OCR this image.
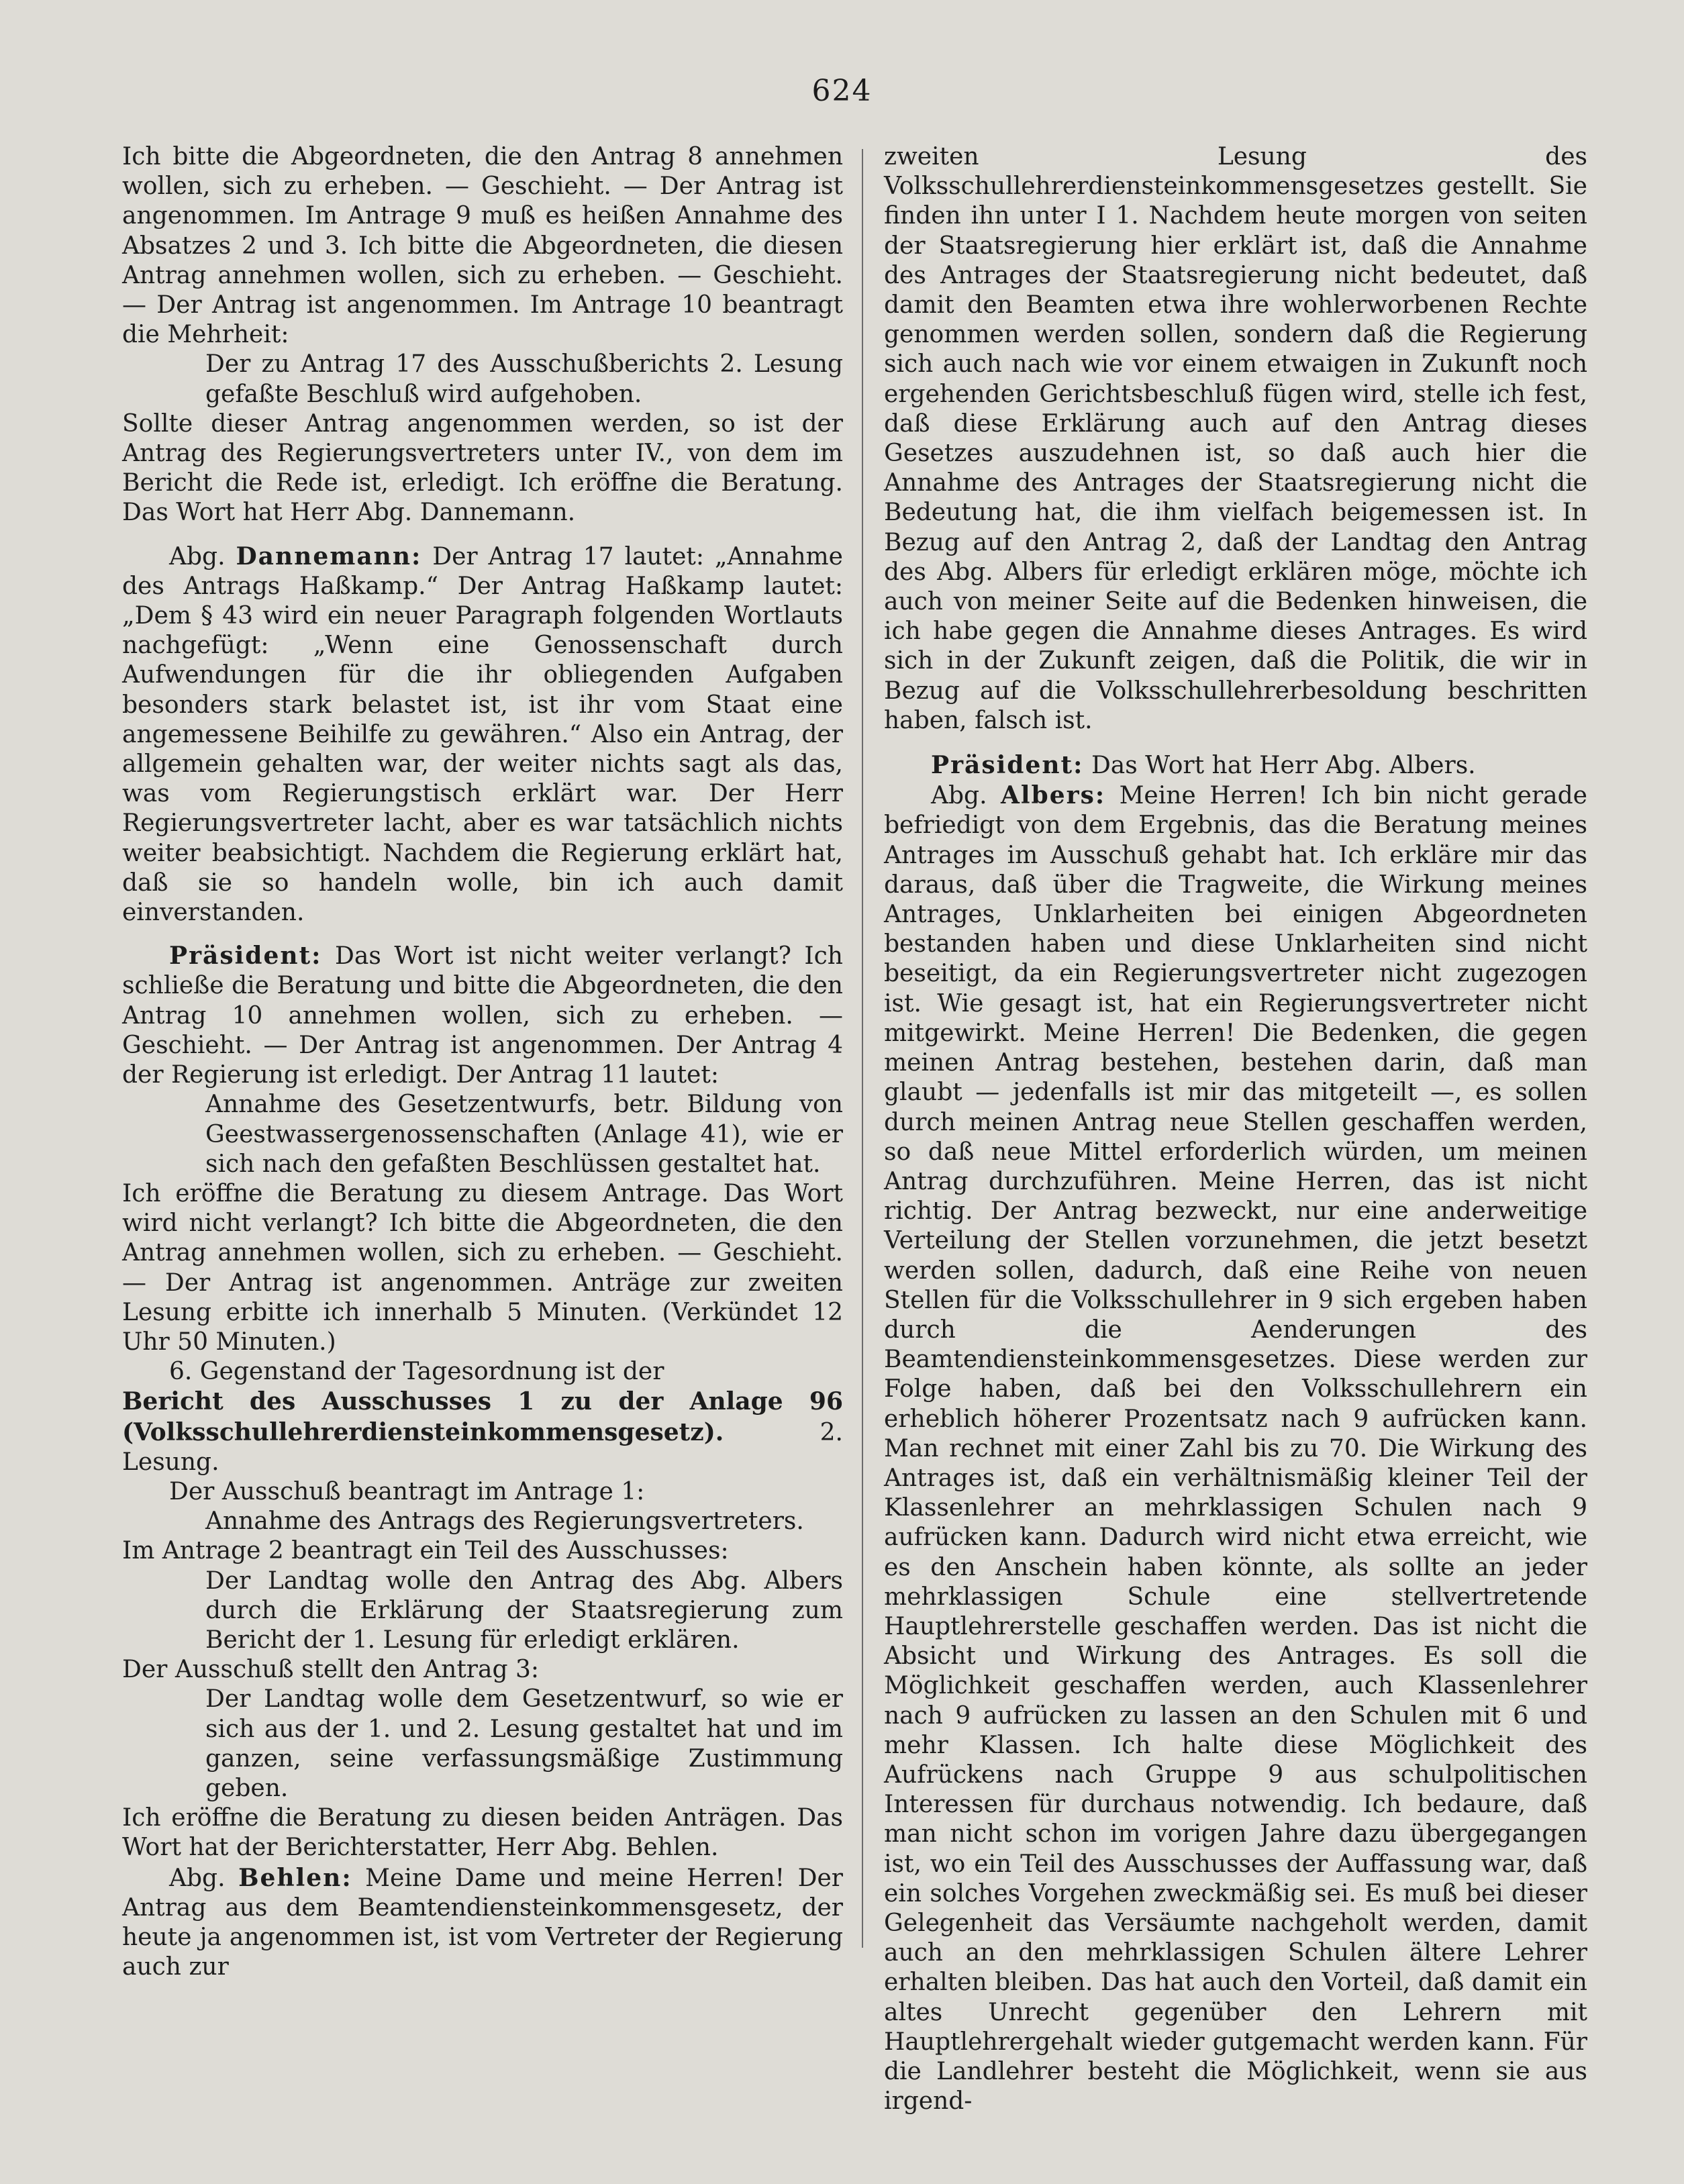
624

Ich bitte die Abgeordneten, die den Antrag 8 annehmen wollen, sich zu erheben. — Geschieht. — Der Antrag ist angenommen. Im Antrage 9 muß es heißen Annahme des Absatzes 2 und 3. Ich bitte die Abgeordneten, die diesen Antrag annehmen wollen, sich zu erheben. — Geschieht. — Der Antrag ist angenommen. Im Antrage 10 beantragt die Mehrheit:

Der zu Antrag 17 des Ausschußberichts 2. Lesung gefaßte Beschluß wird aufgehoben.

Sollte dieser Antrag angenommen werden, so ist der Antrag des Regierungsvertreters unter IV., von dem im Bericht die Rede ist, erledigt. Ich eröffne die Beratung. Das Wort hat Herr Abg. Dannemann.

Abg. Dannemann: Der Antrag 17 lautet: „Annahme des Antrags Haßkamp.“ Der Antrag Haßkamp lautet: „Dem § 43 wird ein neuer Paragraph folgenden Wortlauts nachgefügt: „Wenn eine Genossenschaft durch Aufwendungen für die ihr obliegenden Aufgaben besonders stark belastet ist, ist ihr vom Staat eine angemessene Beihilfe zu gewähren.“ Also ein Antrag, der allgemein gehalten war, der weiter nichts sagt als das, was vom Regierungstisch erklärt war. Der Herr Regierungsvertreter lacht, aber es war tatsächlich nichts weiter beabsichtigt. Nachdem die Regierung erklärt hat, daß sie so handeln wolle, bin ich auch damit einverstanden.

Präsident: Das Wort ist nicht weiter verlangt? Ich schließe die Beratung und bitte die Abgeordneten, die den Antrag 10 annehmen wollen, sich zu erheben. — Geschieht. — Der Antrag ist angenommen. Der Antrag 4 der Regierung ist erledigt. Der Antrag 11 lautet:

Annahme des Gesetzentwurfs, betr. Bildung von Geestwassergenossenschaften (Anlage 41), wie er sich nach den gefaßten Beschlüssen gestaltet hat.

Ich eröffne die Beratung zu diesem Antrage. Das Wort wird nicht verlangt? Ich bitte die Abgeordneten, die den Antrag annehmen wollen, sich zu erheben. — Geschieht. — Der Antrag ist angenommen. Anträge zur zweiten Lesung erbitte ich innerhalb 5 Minuten. (Verkündet 12 Uhr 50 Minuten.)

6. Gegenstand der Tagesordnung ist der

Bericht des Ausschusses 1 zu der Anlage 96 (Volksschullehrerdiensteinkommensgesetz).	2. Lesung.

Der Ausschuß beantragt im Antrage 1:

Annahme des Antrags des Regierungsvertreters.

Im Antrage 2 beantragt ein Teil des Ausschusses:

Der Landtag wolle den Antrag des Abg. Albers durch die Erklärung der Staatsregierung zum Bericht der 1. Lesung für erledigt erklären.

Der Ausschuß stellt den Antrag 3:

Der Landtag wolle dem Gesetzentwurf, so wie er sich aus der 1. und 2. Lesung gestaltet hat und im ganzen, seine verfassungsmäßige Zustimmung geben.

Ich eröffne die Beratung zu diesen beiden Anträgen. Das Wort hat der Berichterstatter, Herr Abg. Behlen.

Abg. Behlen: Meine Dame und meine Herren! Der Antrag aus dem Beamtendiensteinkommensgesetz, der heute ja angenommen ist, ist vom Vertreter der Regierung auch zur

zweiten Lesung des Volksschullehrerdiensteinkommensgesetzes gestellt. Sie finden ihn unter I 1. Nachdem heute morgen von seiten der Staatsregierung hier erklärt ist, daß die Annahme des Antrages der Staatsregierung nicht bedeutet, daß damit den Beamten etwa ihre wohlerworbenen Rechte genommen werden sollen, sondern daß die Regierung sich auch nach wie vor einem etwaigen in Zukunft noch ergehenden Gerichtsbeschluß fügen wird, stelle ich fest, daß diese Erklärung auch auf den Antrag dieses Gesetzes auszudehnen ist, so daß auch hier die Annahme des Antrages der Staatsregierung nicht die Bedeutung hat, die ihm vielfach beigemessen ist. In Bezug auf den Antrag 2, daß der Landtag den Antrag des Abg. Albers für erledigt erklären möge, möchte ich auch von meiner Seite auf die Bedenken hinweisen, die ich habe gegen die Annahme dieses Antrages. Es wird sich in der Zukunft zeigen, daß die Politik, die wir in Bezug auf die Volksschullehrerbesoldung beschritten haben, falsch ist.

Präsident: Das Wort hat Herr Abg. Albers.

Abg. Albers: Meine Herren! Ich bin nicht gerade befriedigt von dem Ergebnis, das die Beratung meines Antrages im Ausschuß gehabt hat. Ich erkläre mir das daraus, daß über die Tragweite, die Wirkung meines Antrages, Unklarheiten bei einigen Abgeordneten bestanden haben und diese Unklarheiten sind nicht beseitigt, da ein Regierungsvertreter nicht zugezogen ist. Wie gesagt ist, hat ein Regierungsvertreter nicht mitgewirkt. Meine Herren! Die Bedenken, die gegen meinen Antrag bestehen, bestehen darin, daß man glaubt — jedenfalls ist mir das mitgeteilt —, es sollen durch meinen Antrag neue Stellen geschaffen werden, so daß neue Mittel erforderlich würden, um meinen Antrag durchzuführen. Meine Herren, das ist nicht richtig. Der Antrag bezweckt, nur eine anderweitige Verteilung der Stellen vorzunehmen, die jetzt besetzt werden sollen, dadurch, daß eine Reihe von neuen Stellen für die Volksschullehrer in 9 sich ergeben haben durch die Aenderungen des Beamtendiensteinkommensgesetzes. Diese werden zur Folge haben, daß bei den Volksschullehrern ein erheblich höherer Prozentsatz nach 9 aufrücken kann. Man rechnet mit einer Zahl bis zu 70. Die Wirkung des Antrages ist, daß ein verhältnismäßig kleiner Teil der Klassenlehrer an mehrklassigen Schulen nach 9 aufrücken kann. Dadurch wird nicht etwa erreicht, wie es den Anschein haben könnte, als sollte an jeder mehrklassigen Schule eine stellvertretende Hauptlehrerstelle geschaffen werden. Das ist nicht die Absicht und Wirkung des Antrages. Es soll die Möglichkeit geschaffen werden, auch Klassenlehrer nach 9 aufrücken zu lassen an den Schulen mit 6 und mehr Klassen. Ich halte diese Möglichkeit des Aufrückens nach Gruppe 9 aus schulpolitischen Interessen für durchaus notwendig. Ich bedaure, daß man nicht schon im vorigen Jahre dazu übergegangen ist, wo ein Teil des Ausschusses der Auffassung war, daß ein solches Vorgehen zweckmäßig sei. Es muß bei dieser Gelegenheit das Versäumte nachgeholt werden, damit auch an den mehrklassigen Schulen ältere Lehrer erhalten bleiben. Das hat auch den Vorteil, daß damit ein altes Unrecht gegenüber den Lehrern mit Hauptlehrergehalt wieder gutgemacht werden kann. Für die Landlehrer besteht die Möglichkeit, wenn sie aus irgend-
